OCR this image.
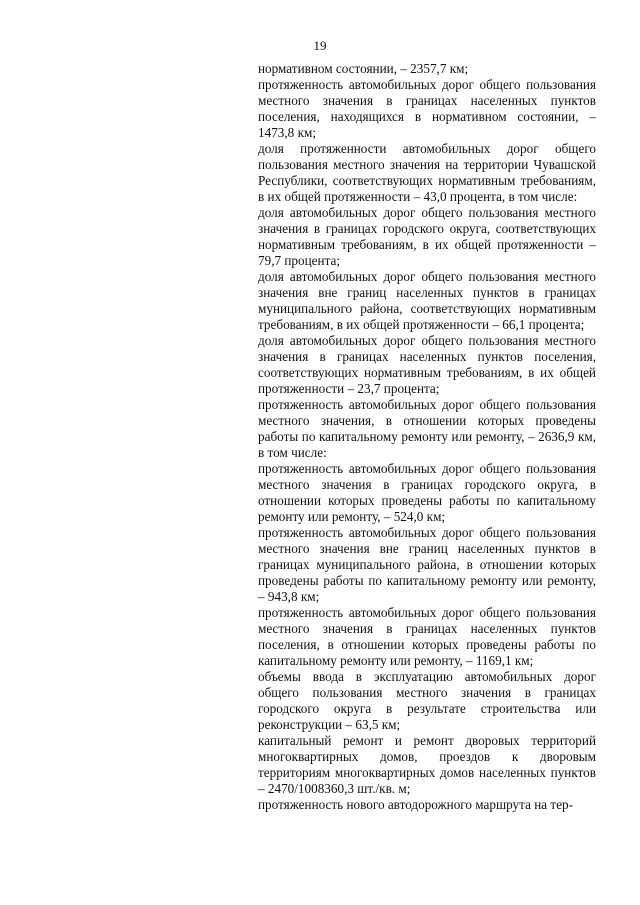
19

нормативном состоянии, – 2357,7 км;

протяженность автомобильных дорог общего пользования местного значения в границах населенных пунктов поселения, находящихся в нормативном состоянии, – 1473,8 км;

доля протяженности автомобильных дорог общего пользования местного значения на территории Чувашской Республики, соответствующих нормативным требованиям, в их общей протяженности – 43,0 процента, в том числе:

доля автомобильных дорог общего пользования местного значения в границах городского округа, соответствующих нормативным требованиям, в их общей протяженности – 79,7 процента;

доля автомобильных дорог общего пользования местного значения вне границ населенных пунктов в границах муниципального района, соответствующих нормативным требованиям, в их общей протяженности – 66,1 процента;

доля автомобильных дорог общего пользования местного значения в границах населенных пунктов поселения, соответствующих нормативным требованиям, в их общей протяженности – 23,7 процента;

протяженность автомобильных дорог общего пользования местного значения, в отношении которых проведены работы по капитальному ремонту или ремонту, – 2636,9 км, в том числе:

протяженность автомобильных дорог общего пользования местного значения в границах городского округа, в отношении которых проведены работы по капитальному ремонту или ремонту, – 524,0 км;

протяженность автомобильных дорог общего пользования местного значения вне границ населенных пунктов в границах муниципального района, в отношении которых проведены работы по капитальному ремонту или ремонту, – 943,8 км;

протяженность автомобильных дорог общего пользования местного значения в границах населенных пунктов поселения, в отношении которых проведены работы по капитальному ремонту или ремонту, – 1169,1 км;

объемы ввода в эксплуатацию автомобильных дорог общего пользования местного значения в границах городского округа в результате строительства или реконструкции – 63,5 км;

капитальный ремонт и ремонт дворовых территорий многоквартирных домов, проездов к дворовым территориям многоквартирных домов населенных пунктов – 2470/1008360,3 шт./кв. м;

протяженность нового автодорожного маршрута на тер-
